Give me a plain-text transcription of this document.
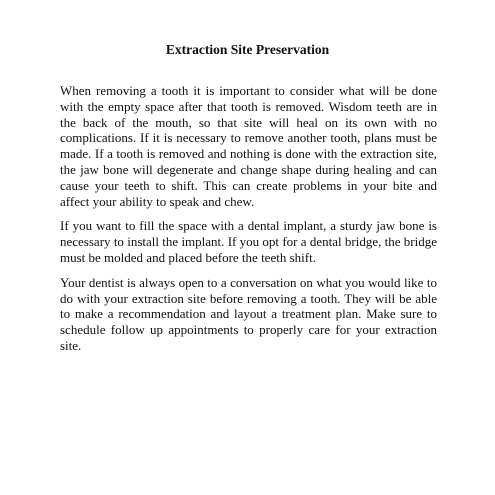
Extraction Site Preservation

When removing a tooth it is important to consider what will be done with the empty space after that tooth is removed. Wisdom teeth are in the back of the mouth, so that site will heal on its own with no complications. If it is necessary to remove another tooth, plans must be made. If a tooth is removed and nothing is done with the extraction site, the jaw bone will degenerate and change shape during healing and can cause your teeth to shift. This can create problems in your bite and affect your ability to speak and chew.

If you want to fill the space with a dental implant, a sturdy jaw bone is necessary to install the implant. If you opt for a dental bridge, the bridge must be molded and placed before the teeth shift.

Your dentist is always open to a conversation on what you would like to do with your extraction site before removing a tooth. They will be able to make a recommendation and layout a treatment plan. Make sure to schedule follow up appointments to properly care for your extraction site.
